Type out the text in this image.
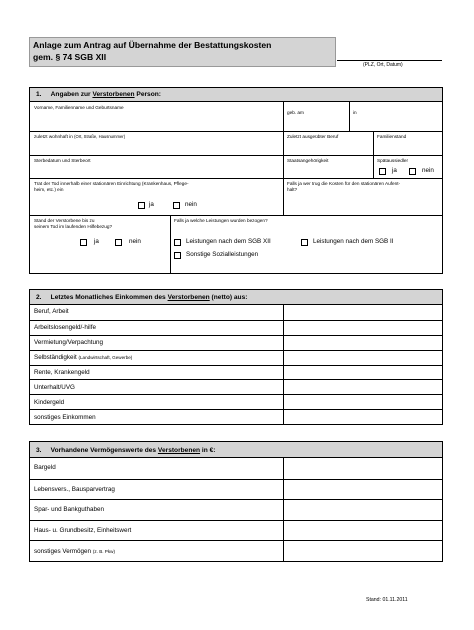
Anlage zum Antrag auf Übernahme der Bestattungskosten
gem. § 74 SGB XII
(PLZ, Ort, Datum)
1. Angaben zur Verstorbenen Person:
Vorname, Familienname und Geburtsname
geb. am	in
zuletzt wohnhaft in (Ort, Straße, Hausnummer)	Zuletzt ausgeübter Beruf	Familienstand
Sterbedatum und Sterbeort	Staatsangehörigkeit	Spätaussiedler
ja	nein
Trat der Tod innerhalb einer stationären Einrichtung (Krankenhaus, Pflege-
heim, etc.) ein
Falls ja wer trug die Kosten für den stationären Aufent-
halt?
ja	nein
Stand der Verstorbene bis zu
seinem Tod im laufenden Hilfebezug?
Falls ja welche Leistungen wurden bezogen?
ja	nein	Leistungen nach dem SGB XII	Leistungen nach dem SGB II
Sonstige Sozialleistungen
2. Letztes Monatliches Einkommen des Verstorbenen (netto) aus:
Beruf, Arbeit
Arbeitslosengeld/-hilfe
Vermietung/Verpachtung
Selbständigkeit (Landwirtschaft, Gewerbe)
Rente, Krankengeld
Unterhalt/UVG
Kindergeld
sonstiges Einkommen
3. Vorhandene Vermögenswerte des Verstorbenen in €:
Bargeld
Lebensvers., Bausparvertrag
Spar- und Bankguthaben
Haus- u. Grundbesitz, Einheitswert
sonstiges Vermögen (z. B. Pkw)
Stand: 01.11.2011
